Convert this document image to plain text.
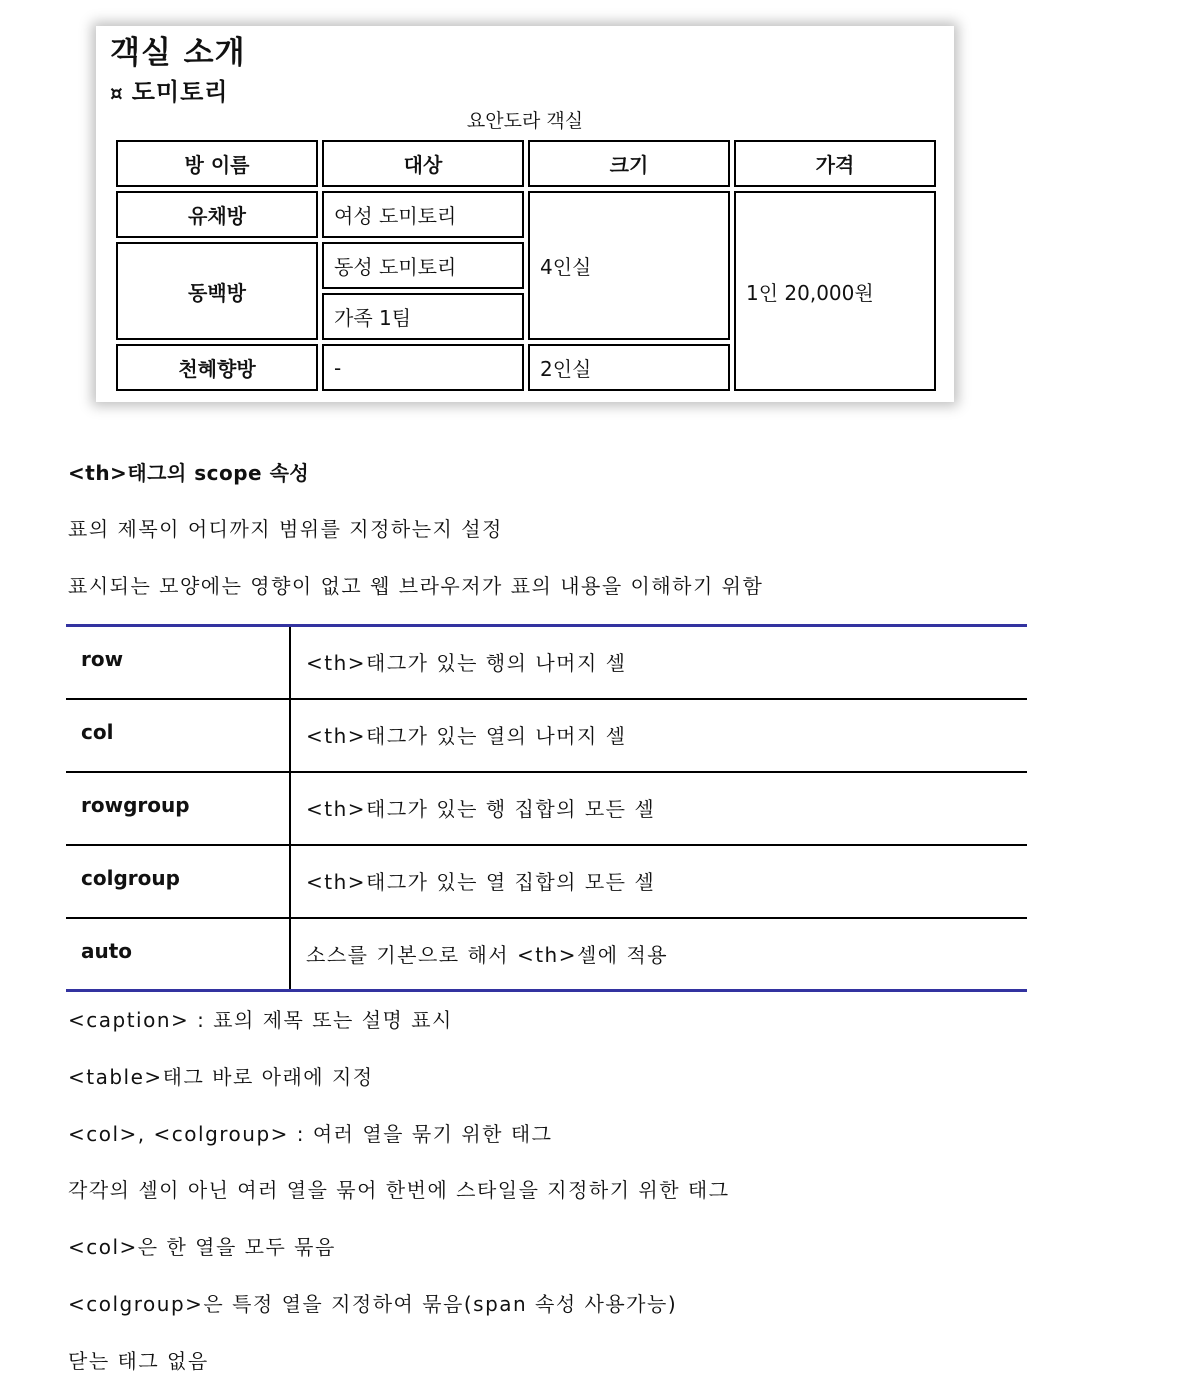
객실 소개
¤ 도미토리
요안도라 객실
방 이름	대상	크기	가격
유채방	여성 도미토리	4인실	1인 20,000원
동백방	동성 도미토리		
	가족 1팀		
천혜향방	-	2인실	
<th>태그의 scope 속성
표의 제목이 어디까지 범위를 지정하는지 설정
표시되는 모양에는 영향이 없고 웹 브라우저가 표의 내용을 이해하기 위함
row	<th>태그가 있는 행의 나머지 셀
col	<th>태그가 있는 열의 나머지 셀
rowgroup	<th>태그가 있는 행 집합의 모든 셀
colgroup	<th>태그가 있는 열 집합의 모든 셀
auto	소스를 기본으로 해서 <th>셀에 적용
<caption> : 표의 제목 또는 설명 표시
<table>태그 바로 아래에 지정
<col>, <colgroup> : 여러 열을 묶기 위한 태그
각각의 셀이 아닌 여러 열을 묶어 한번에 스타일을 지정하기 위한 태그
<col>은 한 열을 모두 묶음
<colgroup>은 특정 열을 지정하여 묶음(span 속성 사용가능)
닫는 태그 없음
